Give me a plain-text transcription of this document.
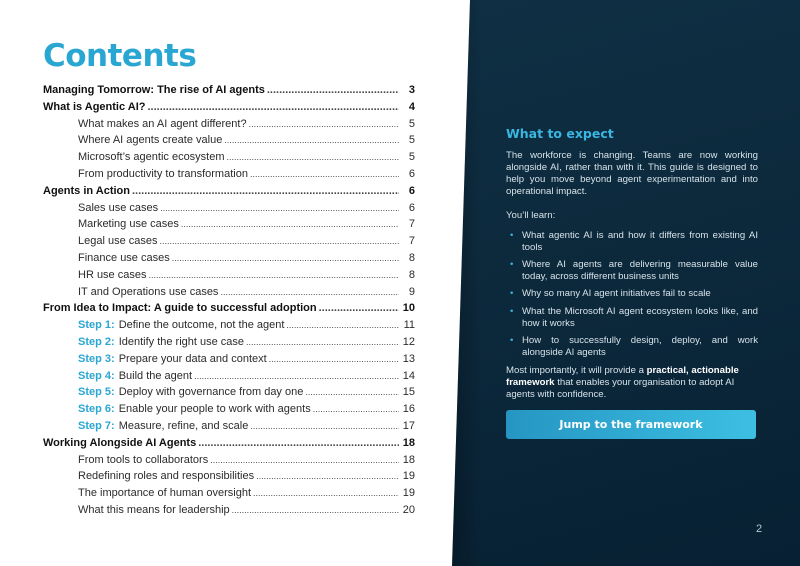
Contents
Managing Tomorrow: The rise of AI agents .....	3
What is Agentic AI? .....	4
What makes an AI agent different? .....	5
Where AI agents create value .....	5
Microsoft’s agentic ecosystem .....	5
From productivity to transformation .....	6
Agents in Action .....	6
Sales use cases .....	6
Marketing use cases .....	7
Legal use cases .....	7
Finance use cases .....	8
HR use cases .....	8
IT and Operations use cases .....	9
From Idea to Impact: A guide to successful adoption .....	10
Step 1: Define the outcome, not the agent .....	11
Step 2: Identify the right use case .....	12
Step 3: Prepare your data and context .....	13
Step 4: Build the agent .....	14
Step 5: Deploy with governance from day one .....	15
Step 6: Enable your people to work with agents .....	16
Step 7: Measure, refine, and scale .....	17
Working Alongside AI Agents .....	18
From tools to collaborators .....	18
Redefining roles and responsibilities .....	19
The importance of human oversight .....	19
What this means for leadership .....	20
What to expect

The workforce is changing. Teams are now working alongside AI, rather than with it. This guide is designed to help you move beyond agent experimentation and into operational impact.

You’ll learn:

• What agentic AI is and how it differs from existing AI tools
• Where AI agents are delivering measurable value today, across different business units
• Why so many AI agent initiatives fail to scale
• What the Microsoft AI agent ecosystem looks like, and how it works
• How to successfully design, deploy, and work alongside AI agents

Most importantly, it will provide a practical, actionable framework that enables your organisation to adopt AI agents with confidence.

Jump to the framework
2
